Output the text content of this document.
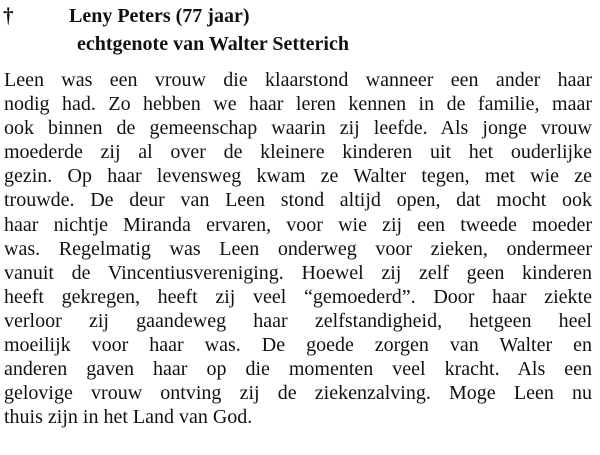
†	Leny Peters (77 jaar)
echtgenote van Walter Setterich
Leen was een vrouw die klaarstond wanneer een ander haar
nodig had. Zo hebben we haar leren kennen in de familie, maar
ook binnen de gemeenschap waarin zij leefde. Als jonge vrouw
moederde zij al over de kleinere kinderen uit het ouderlijke
gezin. Op haar levensweg kwam ze Walter tegen, met wie ze
trouwde. De deur van Leen stond altijd open, dat mocht ook
haar nichtje Miranda ervaren, voor wie zij een tweede moeder
was. Regelmatig was Leen onderweg voor zieken, ondermeer
vanuit de Vincentiusvereniging. Hoewel zij zelf geen kinderen
heeft gekregen, heeft zij veel “gemoederd”. Door haar ziekte
verloor zij gaandeweg haar zelfstandigheid, hetgeen heel
moeilijk voor haar was. De goede zorgen van Walter en
anderen gaven haar op die momenten veel kracht. Als een
gelovige vrouw ontving zij de ziekenzalving. Moge Leen nu
thuis zijn in het Land van God.
